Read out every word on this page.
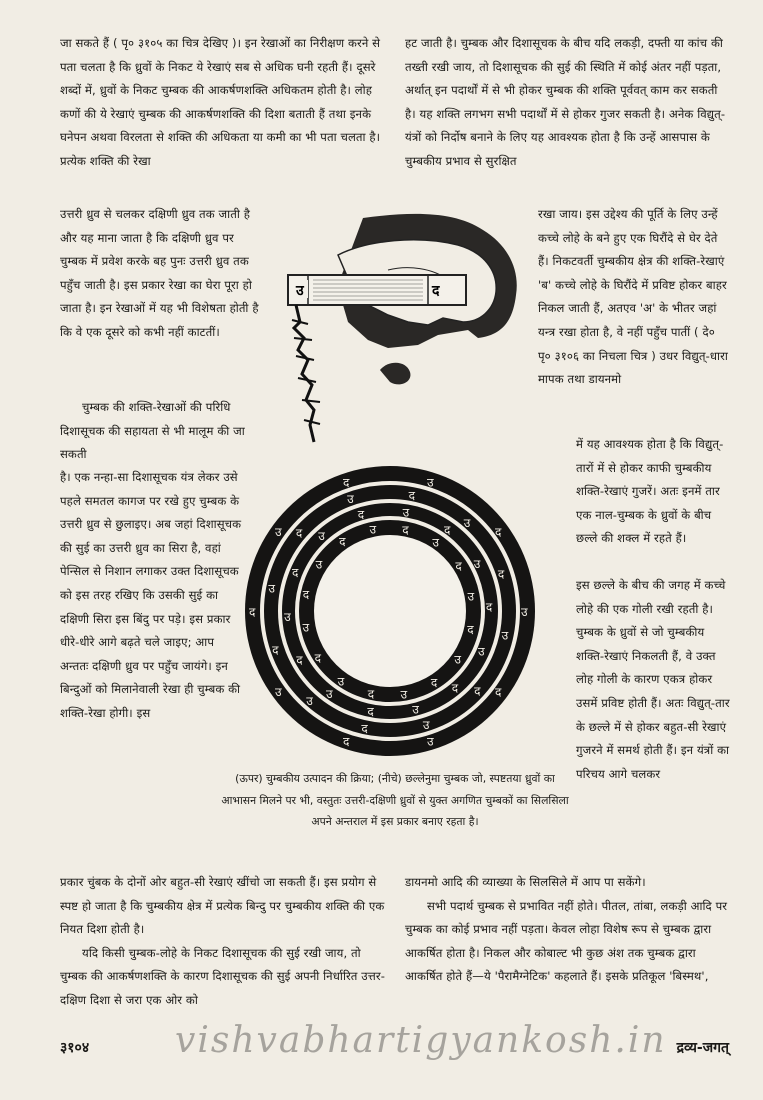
जा सकते हैं ( पृ० ३१०५ का चित्र देखिए )। इन रेखाओं का निरीक्षण करने से पता चलता है कि ध्रुवों के निकट ये रेखाएं सब से अधिक घनी रहती हैं। दूसरे शब्दों में, ध्रुवों के निकट चुम्बक की आकर्षणशक्ति अधिकतम होती है। लोह कणों की ये रेखाएं चुम्बक की आकर्षणशक्ति की दिशा बताती हैं तथा इनके घनेपन अथवा विरलता से शक्ति की अधिकता या कमी का भी पता चलता है। प्रत्येक शक्ति की रेखा
हट जाती है। चुम्बक और दिशासूचक के बीच यदि लकड़ी, दफ्ती या कांच की तख्ती रखी जाय, तो दिशासूचक की सुई की स्थिति में कोई अंतर नहीं पड़ता, अर्थात् इन पदार्थों में से भी होकर चुम्बक की शक्ति पूर्ववत् काम कर सकती है। यह शक्ति लगभग सभी पदार्थों में से होकर गुजर सकती है। अनेक विद्युत्-यंत्रों को निर्दोष बनाने के लिए यह आवश्यक होता है कि उन्हें आसपास के चुम्बकीय प्रभाव से सुरक्षित
उत्तरी ध्रुव से चलकर दक्षिणी ध्रुव तक जाती है और यह माना जाता है कि दक्षिणी ध्रुव पर चुम्बक में प्रवेश करके बह पुनः उत्तरी ध्रुव तक पहुँच जाती है। इस प्रकार रेखा का घेरा पूरा हो जाता है। इन रेखाओं में यह भी विशेषता होती है कि वे एक दूसरे को कभी नहीं काटतीं।
चुम्बक की शक्ति-रेखाओं की परिधि दिशासूचक की सहायता से भी मालूम की जा सकती
है। एक नन्हा-सा दिशासूचक यंत्र लेकर उसे पहले समतल कागज पर रखे हुए चुम्बक के उत्तरी ध्रुव से छुलाइए। अब जहां दिशासूचक की सुई का उत्तरी ध्रुव का सिरा है, वहां पेन्सिल से निशान लगाकर उक्त दिशासूचक को इस तरह रखिए कि उसकी सुई का दक्षिणी सिरा इस बिंदु पर पड़े। इस प्रकार धीरे-धीरे आगे बढ़ते चले जाइए; आप अन्ततः दक्षिणी ध्रुव पर पहुँच जायंगे। इन बिन्दुओं को मिलानेवाली रेखा ही चुम्बक की शक्ति-रेखा होगी। इस
रखा जाय। इस उद्देश्य की पूर्ति के लिए उन्हें कच्चे लोहे के बने हुए एक घिरौंदे से घेर देते हैं। निकटवर्ती चुम्बकीय क्षेत्र की शक्ति-रेखाएं 'ब' कच्चे लोहे के घिरौंदे में प्रविष्ट होकर बाहर निकल जाती हैं, अतएव 'अ' के भीतर जहां यन्त्र रखा होता है, वे नहीं पहुँच पातीं ( दे० पृ० ३१०६ का निचला चित्र ) उधर विद्युत्-धारा मापक तथा डायनमो
में यह आवश्यक होता है कि विद्युत्-तारों में से होकर काफी चुम्बकीय शक्ति-रेखाएं गुजरें। अतः इनमें तार एक नाल-चुम्बक के ध्रुवों के बीच छल्ले की शक्ल में रहते हैं।
इस छल्ले के बीच की जगह में कच्चे लोहे की एक गोली रखी रहती है। चुम्बक के ध्रुवों से जो चुम्बकीय शक्ति-रेखाएं निकलती हैं, वे उक्त लोह गोली के कारण एकत्र होकर उसमें प्रविष्ट होती हैं। अतः विद्युत्-तार के छल्ले में से होकर बहुत-सी रेखाएं गुजरने में समर्थ होती हैं। इन यंत्रों का परिचय आगे चलकर
उ	द
उ
द
उ
द
उ
द
उ
द	उ
द
उ
द
उ
द
उ
द
उ
द
उ	द
उ
द
उ
द
उ
द
उ
द
उ
द
उ
द	उ
द
उ
द
उ
द
उ
द
उ
द
उ
द
उ
द
उ द
उ
द
उ
द
(ऊपर) चुम्बकीय उत्पादन की क्रिया; (नीचे) छल्लेनुमा चुम्बक जो, स्पष्टतया ध्रुवों का आभासन मिलने पर भी, वस्तुतः उत्तरी-दक्षिणी ध्रुवों से युक्त अगणित चुम्बकों का सिलसिला अपने अन्तराल में इस प्रकार बनाए रहता है।

प्रकार चुंबक के दोनों ओर बहुत-सी रेखाएं खींचो जा सकती हैं। इस प्रयोग से स्पष्ट हो जाता है कि चुम्बकीय क्षेत्र में प्रत्येक बिन्दु पर चुम्बकीय शक्ति की एक नियत दिशा होती है।

यदि किसी चुम्बक-लोहे के निकट दिशासूचक की सुई रखी जाय, तो चुम्बक की आकर्षणशक्ति के कारण दिशासूचक की सुई अपनी निर्धारित उत्तर-दक्षिण दिशा से जरा एक ओर को

डायनमो आदि की व्याख्या के सिलसिले में आप पा सकेंगे।

सभी पदार्थ चुम्बक से प्रभावित नहीं होते। पीतल, तांबा, लकड़ी आदि पर चुम्बक का कोई प्रभाव नहीं पड़ता। केवल लोहा विशेष रूप से चुम्बक द्वारा आकर्षित होता है। निकल और कोबाल्ट भी कुछ अंश तक चुम्बक द्वारा आकर्षित होते हैं—ये 'पैरामैग्नेटिक' कहलाते हैं। इसके प्रतिकूल 'बिस्मथ',

vishvabhartigyankosh.in
३१०४	द्रव्य-जगत्
